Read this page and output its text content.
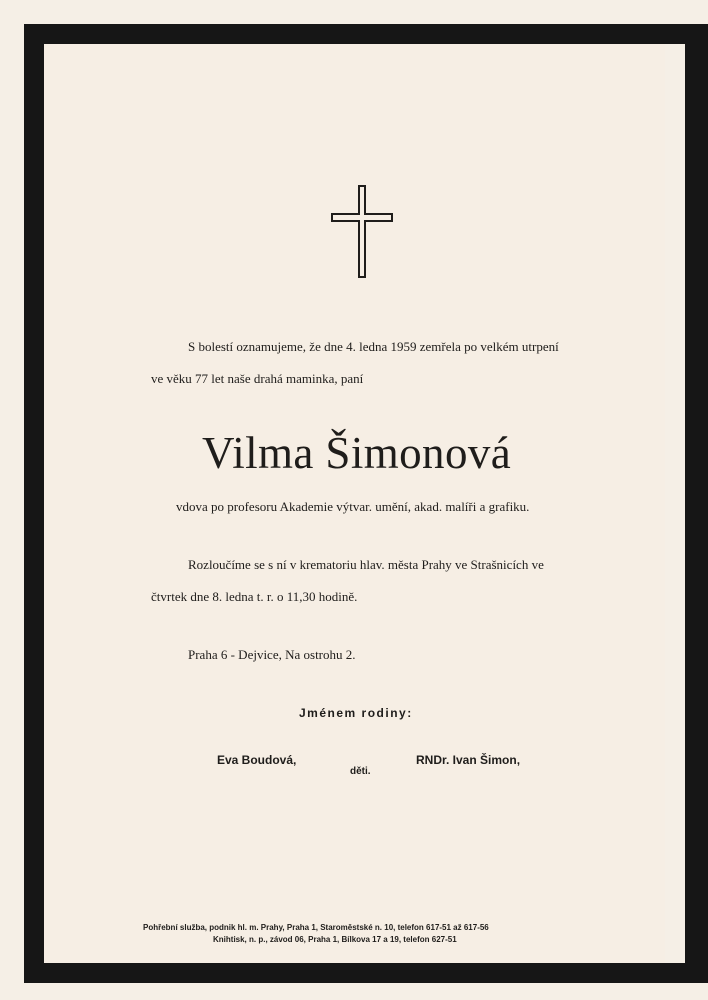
S bolestí oznamujeme, že dne 4. ledna 1959 zemřela po velkém utrpení
ve věku 77 let naše drahá maminka, paní
Vilma Šimonová
vdova po profesoru Akademie výtvar. umění, akad. malíři a grafiku.
Rozloučíme se s ní v krematoriu hlav. města Prahy ve Strašnicích ve
čtvrtek dne 8. ledna t. r. o 11,30 hodině.
Praha 6 - Dejvice, Na ostrohu 2.
Jménem rodiny:
Eva Boudová,	RNDr. Ivan Šimon,
děti.
Pohřební služba, podnik hl. m. Prahy, Praha 1, Staroměstské n. 10, telefon 617-51 až 617-56
Knihtisk, n. p., závod 06, Praha 1, Bílkova 17 a 19, telefon 627-51
